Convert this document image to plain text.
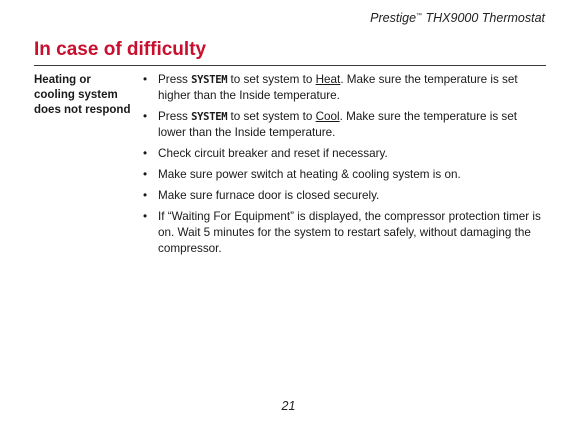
Prestige™ THX9000 Thermostat
In case of difficulty
Heating or
cooling system
does not respond
• Press SYSTEM to set system to Heat. Make sure the temperature is set higher than the Inside temperature.
• Press SYSTEM to set system to Cool. Make sure the temperature is set lower than the Inside temperature.
• Check circuit breaker and reset if necessary.
• Make sure power switch at heating & cooling system is on.
• Make sure furnace door is closed securely.
• If “Waiting For Equipment” is displayed, the compressor protection timer is on. Wait 5 minutes for the system to restart safely, without damaging the compressor.
21
